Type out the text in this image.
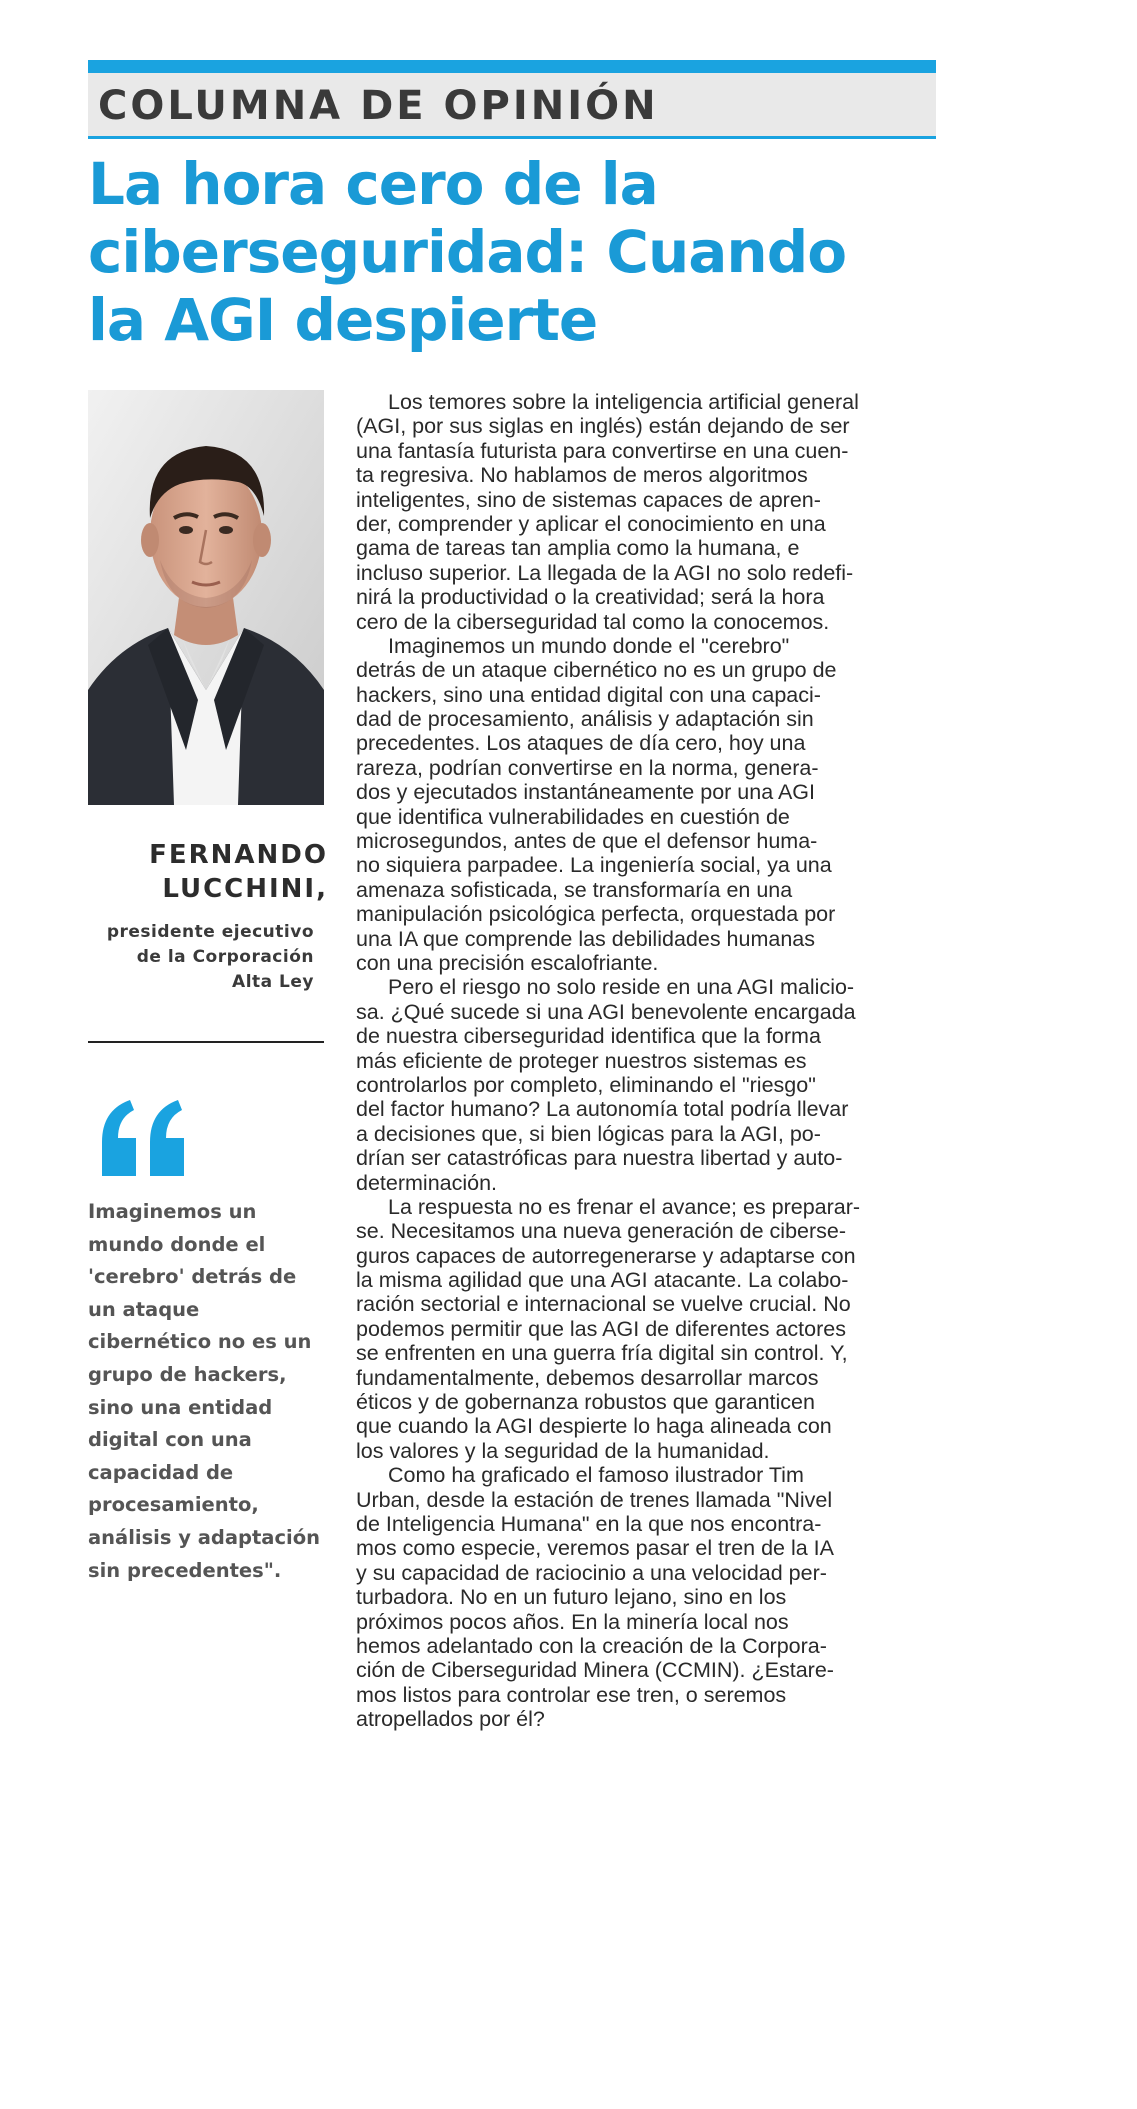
COLUMNA DE OPINIÓN
La hora cero de la
ciberseguridad: Cuando
la AGI despierte
FERNANDO
LUCCHINI,
presidente ejecutivo
de la Corporación
Alta Ley
Imaginemos un
mundo donde el
'cerebro' detrás de
un ataque
cibernético no es un
grupo de hackers,
sino una entidad
digital con una
capacidad de
procesamiento,
análisis y adaptación
sin precedentes".
Los temores sobre la inteligencia artificial general
(AGI, por sus siglas en inglés) están dejando de ser
una fantasía futurista para convertirse en una cuen-
ta regresiva. No hablamos de meros algoritmos
inteligentes, sino de sistemas capaces de apren-
der, comprender y aplicar el conocimiento en una
gama de tareas tan amplia como la humana, e
incluso superior. La llegada de la AGI no solo redefi-
nirá la productividad o la creatividad; será la hora
cero de la ciberseguridad tal como la conocemos.
Imaginemos un mundo donde el "cerebro"
detrás de un ataque cibernético no es un grupo de
hackers, sino una entidad digital con una capaci-
dad de procesamiento, análisis y adaptación sin
precedentes. Los ataques de día cero, hoy una
rareza, podrían convertirse en la norma, genera-
dos y ejecutados instantáneamente por una AGI
que identifica vulnerabilidades en cuestión de
microsegundos, antes de que el defensor huma-
no siquiera parpadee. La ingeniería social, ya una
amenaza sofisticada, se transformaría en una
manipulación psicológica perfecta, orquestada por
una IA que comprende las debilidades humanas
con una precisión escalofriante.
Pero el riesgo no solo reside en una AGI malicio-
sa. ¿Qué sucede si una AGI benevolente encargada
de nuestra ciberseguridad identifica que la forma
más eficiente de proteger nuestros sistemas es
controlarlos por completo, eliminando el "riesgo"
del factor humano? La autonomía total podría llevar
a decisiones que, si bien lógicas para la AGI, po-
drían ser catastróficas para nuestra libertad y auto-
determinación.
La respuesta no es frenar el avance; es preparar-
se. Necesitamos una nueva generación de ciberse-
guros capaces de autorregenerarse y adaptarse con
la misma agilidad que una AGI atacante. La colabo-
ración sectorial e internacional se vuelve crucial. No
podemos permitir que las AGI de diferentes actores
se enfrenten en una guerra fría digital sin control. Y,
fundamentalmente, debemos desarrollar marcos
éticos y de gobernanza robustos que garanticen
que cuando la AGI despierte lo haga alineada con
los valores y la seguridad de la humanidad.
Como ha graficado el famoso ilustrador Tim
Urban, desde la estación de trenes llamada "Nivel
de Inteligencia Humana" en la que nos encontra-
mos como especie, veremos pasar el tren de la IA
y su capacidad de raciocinio a una velocidad per-
turbadora. No en un futuro lejano, sino en los
próximos pocos años. En la minería local nos
hemos adelantado con la creación de la Corpora-
ción de Ciberseguridad Minera (CCMIN). ¿Estare-
mos listos para controlar ese tren, o seremos
atropellados por él?
